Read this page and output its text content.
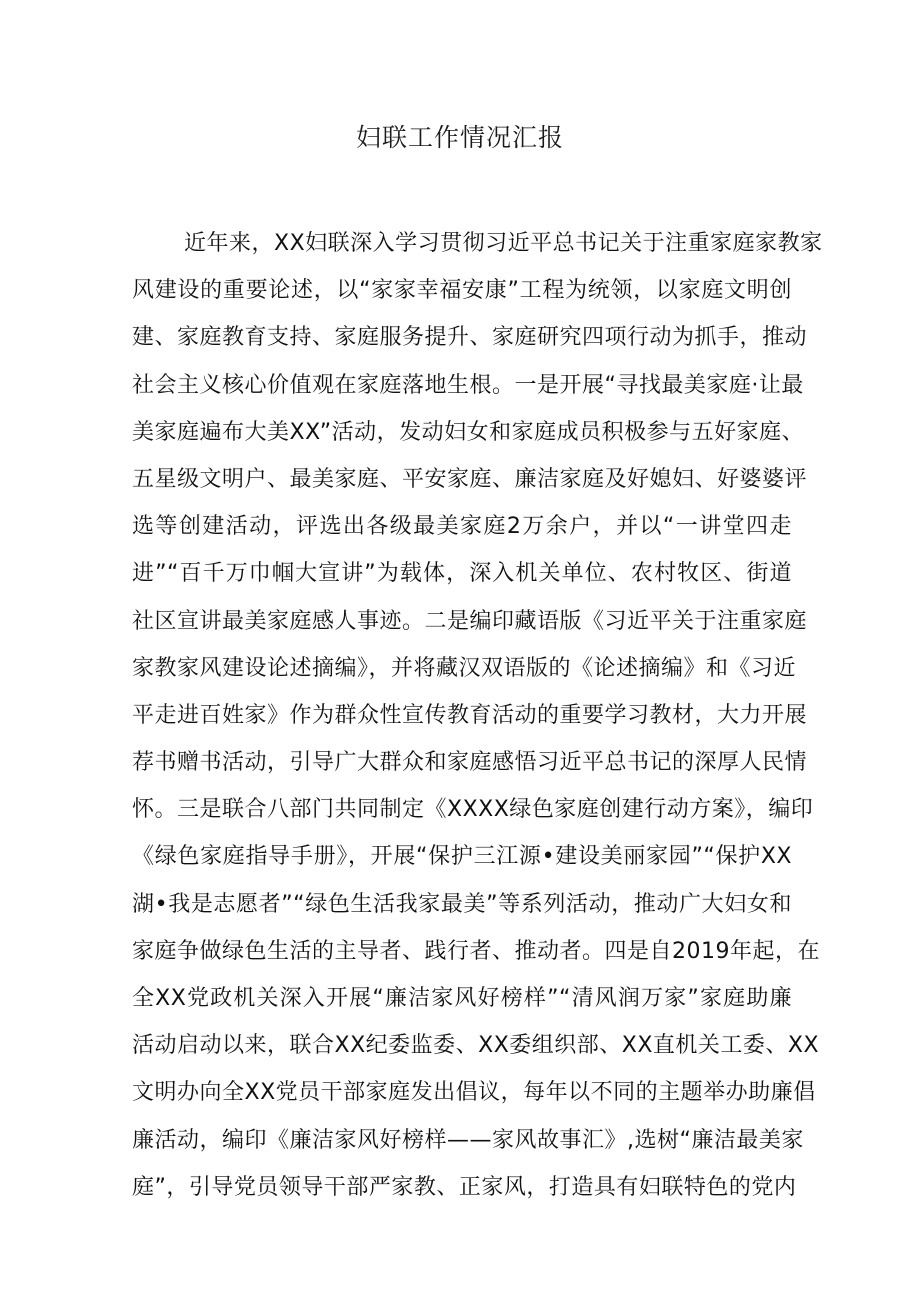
妇联工作情况汇报
近年来，XX妇联深入学习贯彻习近平总书记关于注重家庭家教家
风建设的重要论述，以“家家幸福安康”工程为统领，以家庭文明创
建、家庭教育支持、家庭服务提升、家庭研究四项行动为抓手，推动
社会主义核心价值观在家庭落地生根。一是开展“寻找最美家庭·让最
美家庭遍布大美XX”活动，发动妇女和家庭成员积极参与五好家庭、
五星级文明户、最美家庭、平安家庭、廉洁家庭及好媳妇、好婆婆评
选等创建活动，评选出各级最美家庭2万余户，并以“一讲堂四走
进”“百千万巾帼大宣讲”为载体，深入机关单位、农村牧区、街道
社区宣讲最美家庭感人事迹。二是编印藏语版《习近平关于注重家庭
家教家风建设论述摘编》，并将藏汉双语版的《论述摘编》和《习近
平走进百姓家》作为群众性宣传教育活动的重要学习教材，大力开展
荐书赠书活动，引导广大群众和家庭感悟习近平总书记的深厚人民情
怀。三是联合八部门共同制定《XXXX绿色家庭创建行动方案》，编印
《绿色家庭指导手册》，开展“保护三江源•建设美丽家园”“保护XX
湖•我是志愿者”“绿色生活我家最美”等系列活动，推动广大妇女和
家庭争做绿色生活的主导者、践行者、推动者。四是自2019年起，在
全XX党政机关深入开展“廉洁家风好榜样”“清风润万家”家庭助廉
活动启动以来，联合XX纪委监委、XX委组织部、XX直机关工委、XX
文明办向全XX党员干部家庭发出倡议，每年以不同的主题举办助廉倡
廉活动，编印《廉洁家风好榜样——家风故事汇》,选树“廉洁最美家
庭”，引导党员领导干部严家教、正家风，打造具有妇联特色的党内
